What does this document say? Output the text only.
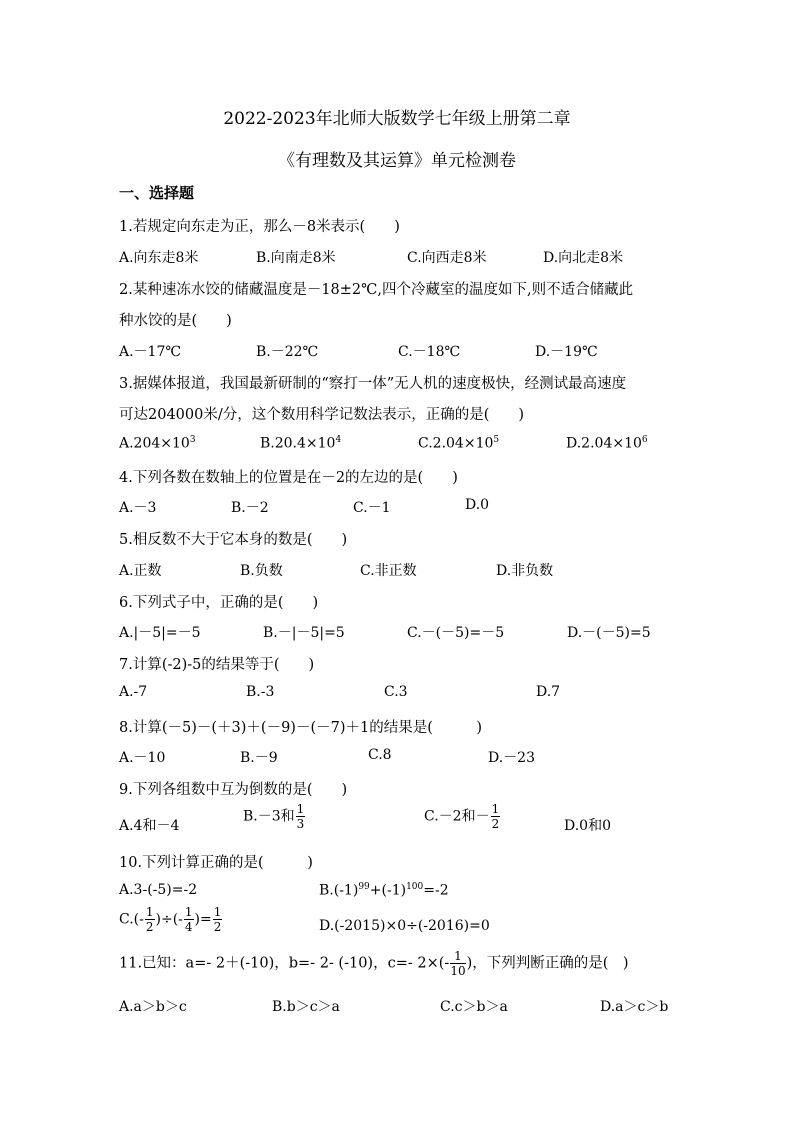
2022-2023年北师大版数学七年级上册第二章
《有理数及其运算》单元检测卷
一、选择题
1.若规定向东走为正，那么－8米表示(　　)
A.向东走8米	B.向南走8米	C.向西走8米	D.向北走8米
2.某种速冻水饺的储藏温度是－18±2℃,四个冷藏室的温度如下,则不适合储藏此
种水饺的是(　　)
A.－17℃	B.－22℃	C.－18℃	D.－19℃
3.据媒体报道，我国最新研制的“察打一体”无人机的速度极快，经测试最高速度
可达204000米/分，这个数用科学记数法表示，正确的是(　　)
$A.204\times 10^3$	$B.20.4\times 10^4$	$C.2.04\times 10^5$	$D.2.04\times 10^6$
4.下列各数在数轴上的位置是在－2的左边的是(　　)
A.－3	B.－2	C.－1	D.0
5.相反数不大于它本身的数是(　　)
A.正数	B.负数	C.非正数	D.非负数
6.下列式子中，正确的是(　　)
A.|－5|=－5	B.－|－5|=5	C.－(－5)=－5	D.－(－5)=5
7.计算(-2)-5的结果等于(　　)
A.-7	B.-3	C.3	D.7
8.计算(－5)－(＋3)＋(－9)－(－7)＋1的结果是(　　　)
A.－10	B.－9	C.8	D.－23
9.下列各组数中互为倒数的是(　　)
A.4和－4
B.－3和 $\frac{1}{3}$	C.－2和－ $\frac{1}{2}$	D.0和0
10.下列计算正确的是(　　　)
A.3-(-5)=-2	$B.(-1)^{99}+(-1)^{100}=-2$
$C.(- \frac{1}{2}$ )÷(- $\frac{1}{4}$ )= $\frac{1}{2}$	D.(-2015)×0÷(-2016)=0
11.已知：a=- 2＋(-10)，b=- 2- (-10)，c=- $2\times(- \frac{1}{10}$ )，下列判断正确的是(　)
A.a＞b＞c	B.b＞c＞a	C.c＞b＞a	D.a＞c＞b
